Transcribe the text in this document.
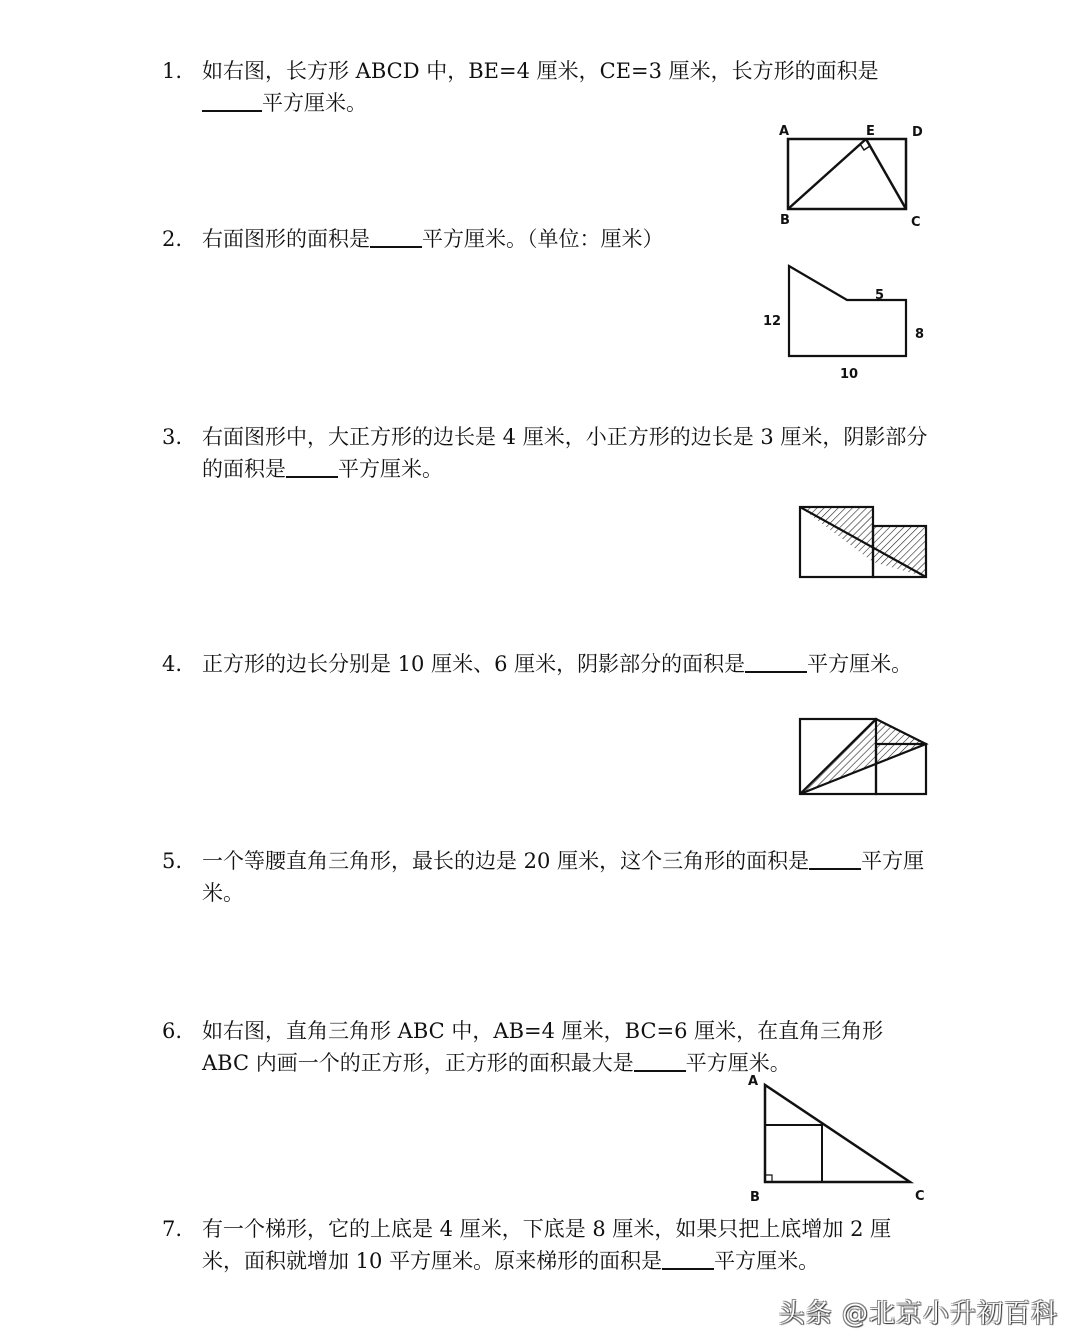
1. 如右图，长方形 ABCD 中，BE=4 厘米，CE=3 厘米，长方形的面积是平方厘米。
A	E	D
B	C
2. 右面图形的面积是 平方厘米。（单位：厘米）
12
5
8
10
3. 右面图形中，大正方形的边长是 4 厘米，小正方形的边长是 3 厘米，阴影部分的面积是 平方厘米。
4. 正方形的边长分别是 10 厘米、6 厘米，阴影部分的面积是	平方厘米。
5. 一个等腰直角三角形，最长的边是 20 厘米，这个三角形的面积是 平方厘米。
6. 如右图，直角三角形 ABC 中，AB=4 厘米，BC=6 厘米，在直角三角形 ABC 内画一个的正方形，正方形的面积最大是 平方厘米。
A
B	C
7. 有一个梯形，它的上底是 4 厘米，下底是 8 厘米，如果只把上底增加 2 厘米，面积就增加 10 平方厘米。原来梯形的面积是 平方厘米。
头条 @北京小升初百科
